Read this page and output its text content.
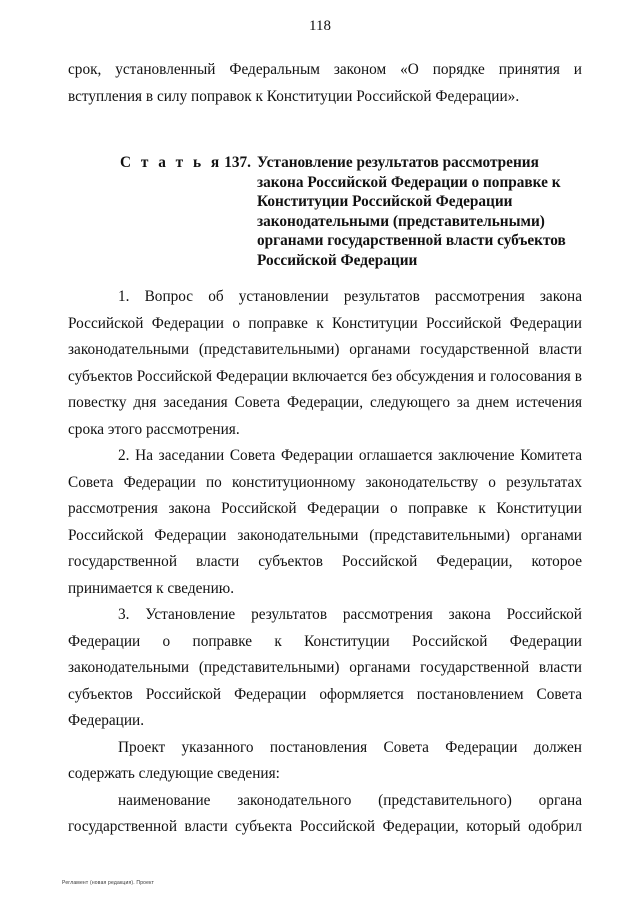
118

срок, установленный Федеральным законом «О порядке принятия и вступления в силу поправок к Конституции Российской Федерации».

С т а т ь я 137. Установление результатов рассмотрения закона Российской Федерации о поправке к Конституции Российской Федерации законодательными (представительными) органами государственной власти субъектов Российской Федерации

1. Вопрос об установлении результатов рассмотрения закона Российской Федерации о поправке к Конституции Российской Федерации законодательными (представительными) органами государственной власти субъектов Российской Федерации включается без обсуждения и голосования в повестку дня заседания Совета Федерации, следующего за днем истечения срока этого рассмотрения.

2. На заседании Совета Федерации оглашается заключение Комитета Совета Федерации по конституционному законодательству о результатах рассмотрения закона Российской Федерации о поправке к Конституции Российской Федерации законодательными (представительными) органами государственной власти субъектов Российской Федерации, которое принимается к сведению.

3. Установление результатов рассмотрения закона Российской Федерации о поправке к Конституции Российской Федерации законодательными (представительными) органами государственной власти субъектов Российской Федерации оформляется постановлением Совета Федерации.

Проект указанного постановления Совета Федерации должен содержать следующие сведения:

наименование законодательного (представительного) органа государственной власти субъекта Российской Федерации, который одобрил

Регламент (новая редакция). Проект
